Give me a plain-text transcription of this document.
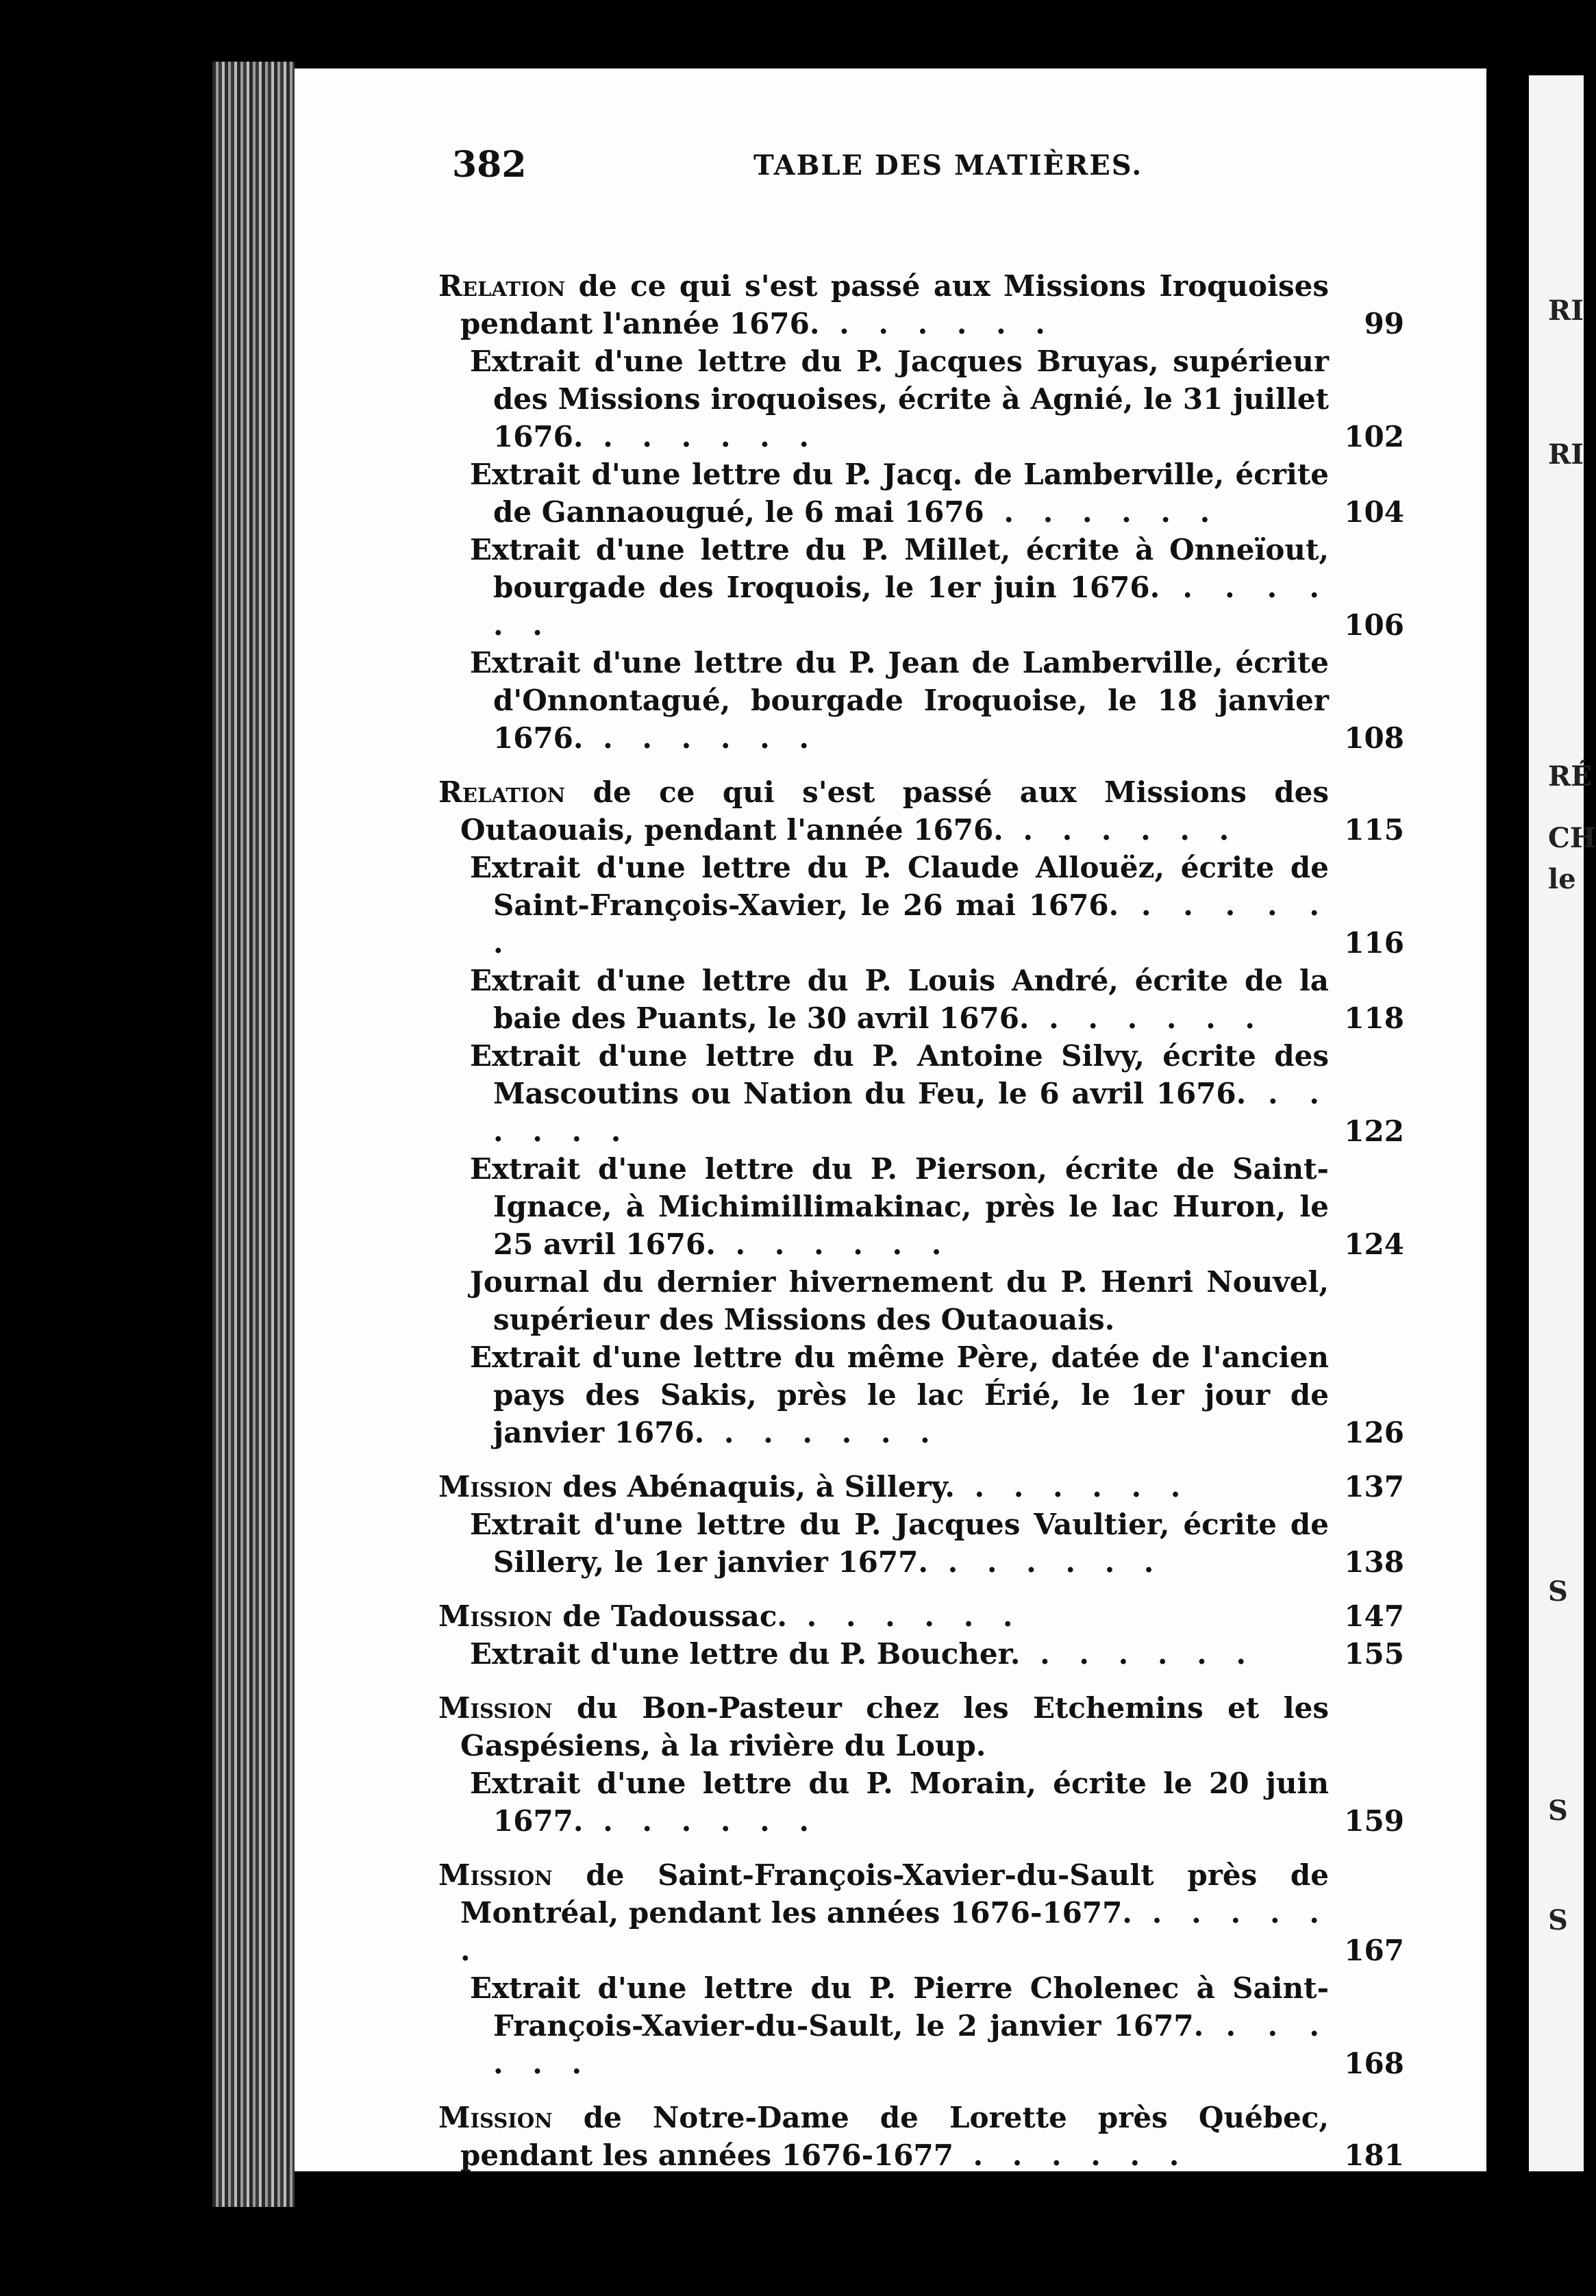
RI
RI
RÉ
CH
le
S
S
S
382	TABLE DES MATIÈRES.
Relation de ce qui s'est passé aux Missions Iroquoises pendant l'année 1676. . . . . . .	99
Extrait d'une lettre du P. Jacques Bruyas, supérieur des Missions iroquoises, écrite à Agnié, le 31 juillet 1676. . . . . . .	102
Extrait d'une lettre du P. Jacq. de Lamberville, écrite de Gannaougué, le 6 mai 1676 . . . . . .	104
Extrait d'une lettre du P. Millet, écrite à Onneïout, bourgade des Iroquois, le 1er juin 1676. . . . . . .	106
Extrait d'une lettre du P. Jean de Lamberville, écrite d'Onnontagué, bourgade Iroquoise, le 18 janvier 1676. . . . . . .	108
Relation de ce qui s'est passé aux Missions des Outaouais, pendant l'année 1676. . . . . . .	115
Extrait d'une lettre du P. Claude Allouëz, écrite de Saint-François-Xavier, le 26 mai 1676. . . . . . .	116
Extrait d'une lettre du P. Louis André, écrite de la baie des Puants, le 30 avril 1676. . . . . . .	118
Extrait d'une lettre du P. Antoine Silvy, écrite des Mascoutins ou Nation du Feu, le 6 avril 1676. . . . . . .	122
Extrait d'une lettre du P. Pierson, écrite de Saint-Ignace, à Michimillimakinac, près le lac Huron, le 25 avril 1676. . . . . . .	124
Journal du dernier hivernement du P. Henri Nouvel, supérieur des Missions des Outaouais.
Extrait d'une lettre du même Père, datée de l'ancien pays des Sakis, près le lac Érié, le 1er jour de janvier 1676. . . . . . .	126
Mission des Abénaquis, à Sillery. . . . . . .	137
Extrait d'une lettre du P. Jacques Vaultier, écrite de Sillery, le 1er janvier 1677. . . . . . .	138
Mission de Tadoussac. . . . . . .	147
Extrait d'une lettre du P. Boucher. . . . . . .	155
Mission du Bon-Pasteur chez les Etchemins et les Gaspésiens, à la rivière du Loup.
Extrait d'une lettre du P. Morain, écrite le 20 juin 1677. . . . . . .	159
Mission de Saint-François-Xavier-du-Sault près de Montréal, pendant les années 1676-1677. . . . . . .	167
Extrait d'une lettre du P. Pierre Cholenec à Saint-François-Xavier-du-Sault, le 2 janvier 1677. . . . . . .	168
Mission de Notre-Dame de Lorette près Québec, pendant les années 1676-1677 . . . . . .	181
